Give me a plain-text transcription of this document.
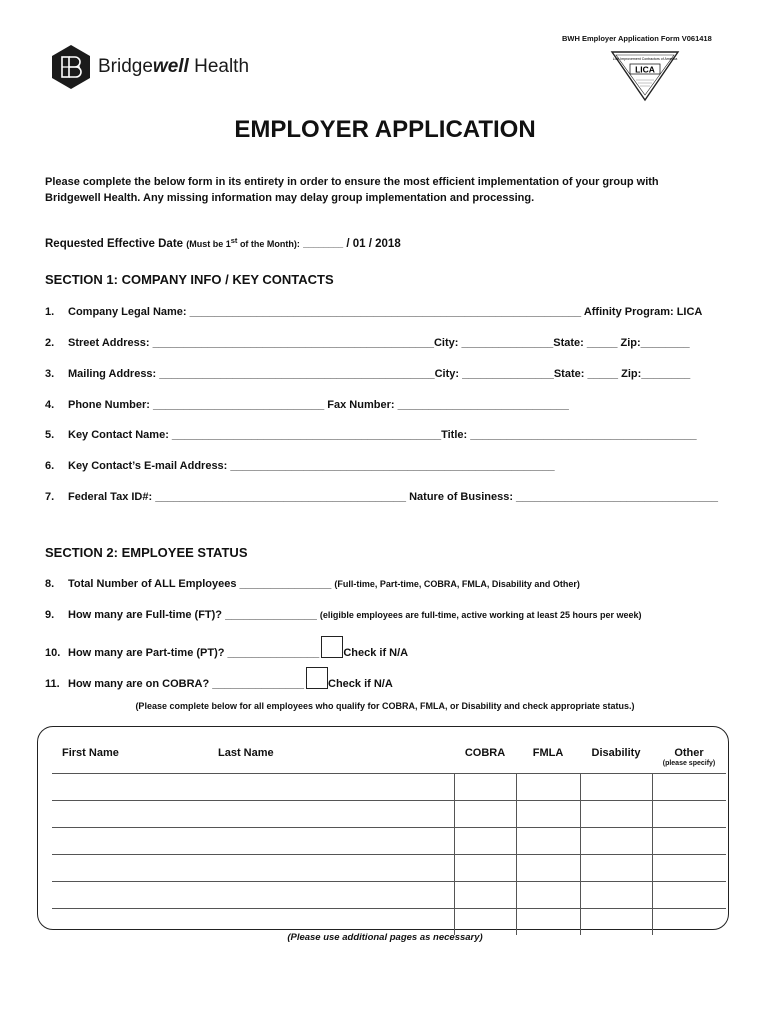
BWH Employer Application Form V061418
Bridgewell Health	Lost Improvement Contractors of America
LICA
EMPLOYER APPLICATION
Please complete the below form in its entirety in order to ensure the most efficient implementation of your group with Bridgewell Health. Any missing information may delay group implementation and processing.
Requested Effective Date (Must be 1st of the Month): ________ / 01 / 2018
SECTION 1: COMPANY INFO / KEY CONTACTS
1. Company Legal Name: ________________________________________________________________ Affinity Program: LICA
2. Street Address: ______________________________________________City: _______________State: _____ Zip:________
3. Mailing Address: _____________________________________________City: _______________State: _____ Zip:________
4. Phone Number: ____________________________ Fax Number: ____________________________
5. Key Contact Name: ____________________________________________Title: _____________________________________
6. Key Contact’s E-mail Address: _____________________________________________________
7. Federal Tax ID#: _________________________________________ Nature of Business: _________________________________
SECTION 2: EMPLOYEE STATUS
8. Total Number of ALL Employees _______________ (Full-time, Part-time, COBRA, FMLA, Disability and Other)
9. How many are Full-time (FT)? _______________ (eligible employees are full-time, active working at least 25 hours per week)
10. How many are Part-time (PT)? _______________ Check if N/A
11. How many are on COBRA? _______________ Check if N/A
(Please complete below for all employees who qualify for COBRA, FMLA, or Disability and check appropriate status.)
First Name	Last Name	COBRA	FMLA	Disability	Other
(please specify)

(Please use additional pages as necessary)
